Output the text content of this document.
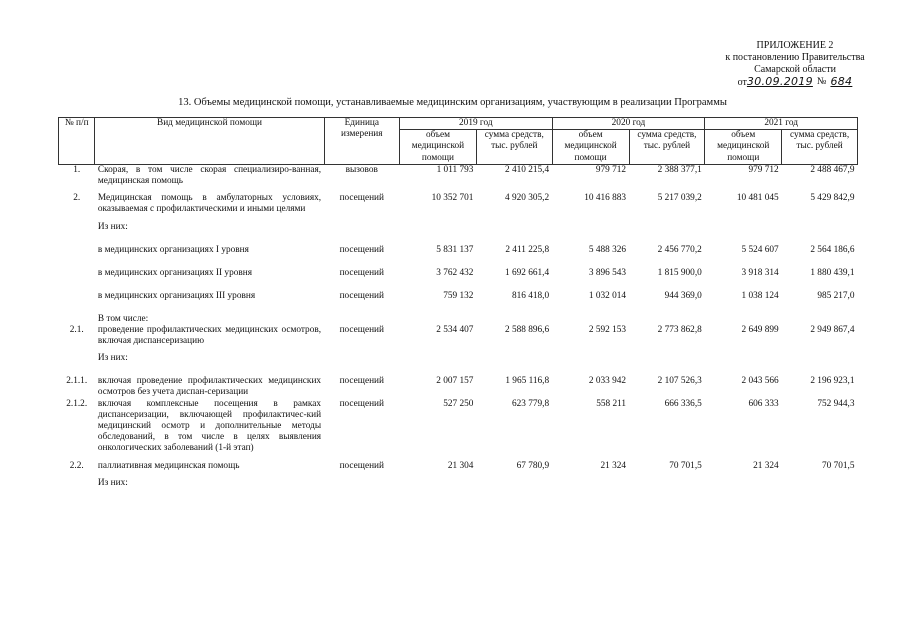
ПРИЛОЖЕНИЕ 2
к постановлению Правительства
Самарской области
от30.09.2019 № 684
13. Объемы медицинской помощи, устанавливаемые медицинским организациям, участвующим в реализации Программы
№ п/п	Вид медицинской помощи	Единица измерения	2019 год		2020 год		2021 год	
			объем медицинской помощи	сумма средств, тыс. рублей	объем медицинской помощи	сумма средств, тыс. рублей	объем медицинской помощи	сумма средств, тыс. рублей
1.	Скорая, в том числе скорая специализиро-ванная, медицинская помощь	вызовов	1 011 793	2 410 215,4	979 712	2 388 377,1	979 712	2 488 467,9

2.	Медицинская помощь в амбулаторных условиях, оказываемая с профилактическими и иными целями	посещений	10 352 701	4 920 305,2	10 416 883	5 217 039,2	10 481 045	5 429 842,9

	Из них:							
	в медицинских организациях I уровня	посещений	5 831 137	2 411 225,8	5 488 326	2 456 770,2	5 524 607	2 564 186,6
	в медицинских организациях II уровня	посещений	3 762 432	1 692 661,4	3 896 543	1 815 900,0	3 918 314	1 880 439,1
	в медицинских организациях III уровня	посещений	759 132	816 418,0	1 032 014	944 369,0	1 038 124	985 217,0
	В том числе:							
2.1.	проведение профилактических медицинских осмотров, включая диспансеризацию	посещений	2 534 407	2 588 896,6	2 592 153	2 773 862,8	2 649 899	2 949 867,4

	Из них:							
2.1.1.	включая проведение профилактических медицинских осмотров без учета диспан-серизации	посещений	2 007 157	1 965 116,8	2 033 942	2 107 526,3	2 043 566	2 196 923,1
2.1.2.	включая комплексные посещения в рамках диспансеризации, включающей профилактичес-кий медицинский осмотр и дополнительные методы обследований, в том числе в целях выявления онкологических заболеваний (1-й этап)	посещений	527 250	623 779,8	558 211	666 336,5	606 333	752 944,3

2.2.	паллиативная медицинская помощь	посещений	21 304	67 780,9	21 324	70 701,5	21 324	70 701,5

	Из них:							
